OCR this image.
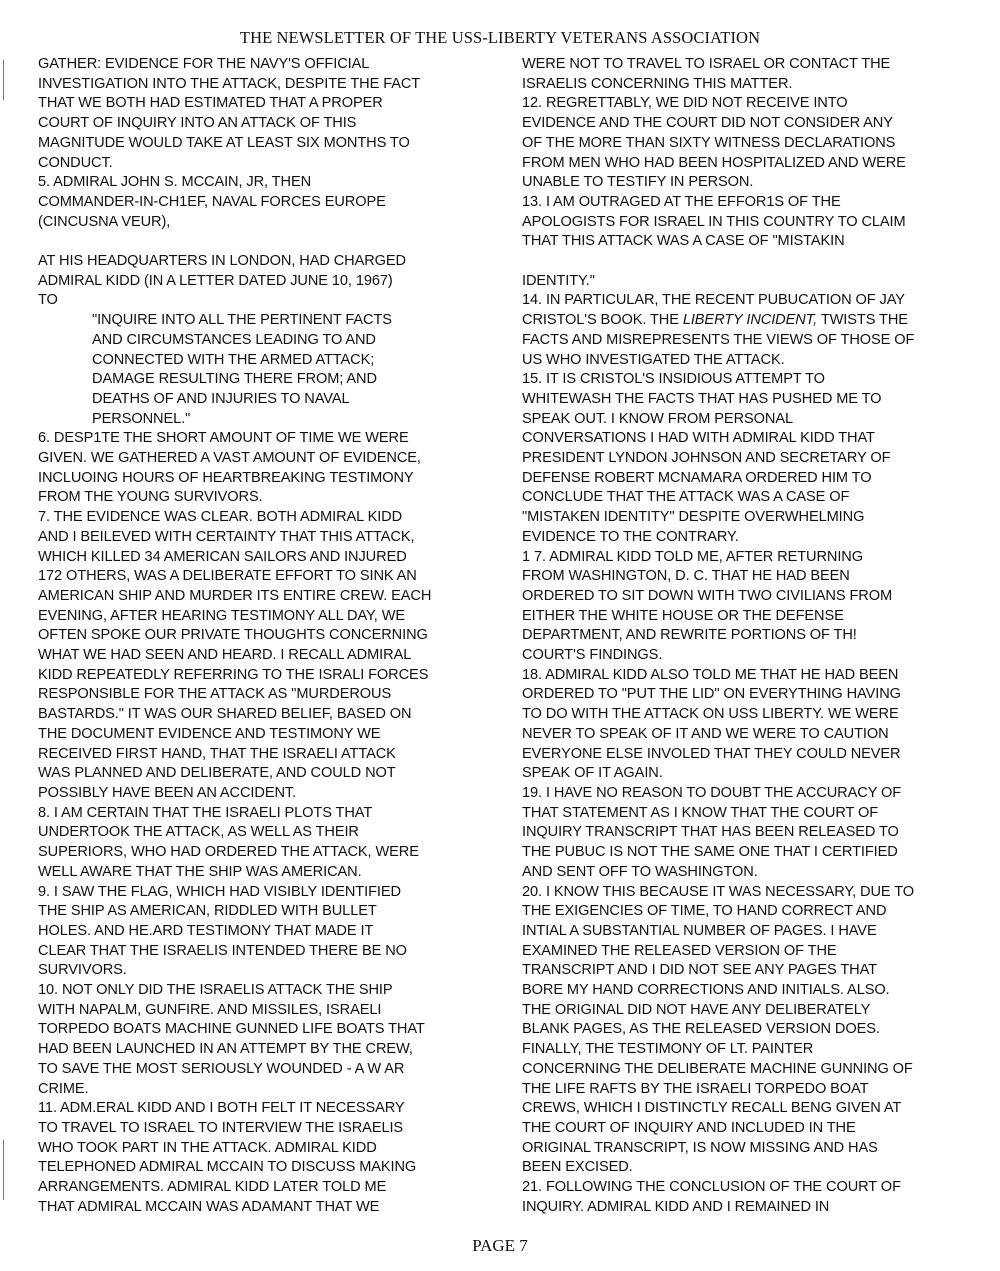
THE NEWSLETTER OF THE USS-LIBERTY VETERANS ASSOCIATION
GATHER: EVIDENCE FOR THE NAVY'S OFFICIAL
INVESTIGATION INTO THE ATTACK, DESPITE THE FACT
THAT WE BOTH HAD ESTIMATED THAT A PROPER
COURT OF INQUIRY INTO AN ATTACK OF THIS
MAGNITUDE WOULD TAKE AT LEAST SIX MONTHS TO
CONDUCT.
5. ADMIRAL JOHN S. MCCAIN, JR, THEN
COMMANDER-IN-CH1EF, NAVAL FORCES EUROPE
(CINCUSNA VEUR),
AT HIS HEADQUARTERS IN LONDON, HAD CHARGED
ADMIRAL KIDD (IN A LETTER DATED JUNE 10, 1967)
TO
"INQUIRE INTO ALL THE PERTINENT FACTS
AND CIRCUMSTANCES LEADING TO AND
CONNECTED WITH THE ARMED ATTACK;
DAMAGE RESULTING THERE FROM; AND
DEATHS OF AND INJURIES TO NAVAL
PERSONNEL."
6. DESP1TE THE SHORT AMOUNT OF TIME WE WERE
GIVEN. WE GATHERED A VAST AMOUNT OF EVIDENCE,
INCLUOING HOURS OF HEARTBREAKING TESTIMONY
FROM THE YOUNG SURVIVORS.
7. THE EVIDENCE WAS CLEAR. BOTH ADMIRAL KIDD
AND I BEILEVED WITH CERTAINTY THAT THIS ATTACK,
WHICH KILLED 34 AMERICAN SAILORS AND INJURED
172 OTHERS, WAS A DELIBERATE EFFORT TO SINK AN
AMERICAN SHIP AND MURDER ITS ENTIRE CREW. EACH
EVENING, AFTER HEARING TESTIMONY ALL DAY, WE
OFTEN SPOKE OUR PRIVATE THOUGHTS CONCERNING
WHAT WE HAD SEEN AND HEARD. I RECALL ADMIRAL
KIDD REPEATEDLY REFERRING TO THE ISRALI FORCES
RESPONSIBLE FOR THE ATTACK AS "MURDEROUS
BASTARDS." IT WAS OUR SHARED BELIEF, BASED ON
THE DOCUMENT EVIDENCE AND TESTIMONY WE
RECEIVED FIRST HAND, THAT THE ISRAELI ATTACK
WAS PLANNED AND DELIBERATE, AND COULD NOT
POSSIBLY HAVE BEEN AN ACCIDENT.
8. I AM CERTAIN THAT THE ISRAELI PLOTS THAT
UNDERTOOK THE ATTACK, AS WELL AS THEIR
SUPERIORS, WHO HAD ORDERED THE ATTACK, WERE
WELL AWARE THAT THE SHIP WAS AMERICAN.
9. I SAW THE FLAG, WHICH HAD VISIBLY IDENTIFIED
THE SHIP AS AMERICAN, RIDDLED WITH BULLET
HOLES. AND HE.ARD TESTIMONY THAT MADE IT
CLEAR THAT THE ISRAELIS INTENDED THERE BE NO
SURVIVORS.
10. NOT ONLY DID THE ISRAELIS ATTACK THE SHIP
WITH NAPALM, GUNFIRE. AND MISSILES, ISRAELI
TORPEDO BOATS MACHINE GUNNED LIFE BOATS THAT
HAD BEEN LAUNCHED IN AN ATTEMPT BY THE CREW,
TO SAVE THE MOST SERIOUSLY WOUNDED - A W AR
CRIME.
11. ADM.ERAL KIDD AND I BOTH FELT IT NECESSARY
TO TRAVEL TO ISRAEL TO INTERVIEW THE ISRAELIS
WHO TOOK PART IN THE ATTACK. ADMIRAL KIDD
TELEPHONED ADMIRAL MCCAIN TO DISCUSS MAKING
ARRANGEMENTS. ADMIRAL KIDD LATER TOLD ME
THAT ADMIRAL MCCAIN WAS ADAMANT THAT WE
WERE NOT TO TRAVEL TO ISRAEL OR CONTACT THE
ISRAELIS CONCERNING THIS MATTER.
12. REGRETTABLY, WE DID NOT RECEIVE INTO
EVIDENCE AND THE COURT DID NOT CONSIDER ANY
OF THE MORE THAN SIXTY WITNESS DECLARATIONS
FROM MEN WHO HAD BEEN HOSPITALIZED AND WERE
UNABLE TO TESTIFY IN PERSON.
13. I AM OUTRAGED AT THE EFFOR1S OF THE
APOLOGISTS FOR ISRAEL IN THIS COUNTRY TO CLAIM
THAT THIS ATTACK WAS A CASE OF "MISTAKIN
IDENTITY."
14. IN PARTICULAR, THE RECENT PUBUCATION OF JAY
CRISTOL'S BOOK. THE LIBERTY INCIDENT, TWISTS THE
FACTS AND MISREPRESENTS THE VIEWS OF THOSE OF
US WHO INVESTIGATED THE ATTACK.
15. IT IS CRISTOL'S INSIDIOUS ATTEMPT TO
WHITEWASH THE FACTS THAT HAS PUSHED ME TO
SPEAK OUT. I KNOW FROM PERSONAL
CONVERSATIONS I HAD WITH ADMIRAL KIDD THAT
PRESIDENT LYNDON JOHNSON AND SECRETARY OF
DEFENSE ROBERT MCNAMARA ORDERED HIM TO
CONCLUDE THAT THE ATTACK WAS A CASE OF
"MISTAKEN IDENTITY" DESPITE OVERWHELMING
EVIDENCE TO THE CONTRARY.
1 7. ADMIRAL KIDD TOLD ME, AFTER RETURNING
FROM WASHINGTON, D. C. THAT HE HAD BEEN
ORDERED TO SIT DOWN WITH TWO CIVILIANS FROM
EITHER THE WHITE HOUSE OR THE DEFENSE
DEPARTMENT, AND REWRITE PORTIONS OF TH!
COURT'S FINDINGS.
18. ADMIRAL KIDD ALSO TOLD ME THAT HE HAD BEEN
ORDERED TO "PUT THE LID" ON EVERYTHING HAVING
TO DO WITH THE ATTACK ON USS LIBERTY. WE WERE
NEVER TO SPEAK OF IT AND WE WERE TO CAUTION
EVERYONE ELSE INVOLED THAT THEY COULD NEVER
SPEAK OF IT AGAIN.
19. I HAVE NO REASON TO DOUBT THE ACCURACY OF
THAT STATEMENT AS I KNOW THAT THE COURT OF
INQUIRY TRANSCRIPT THAT HAS BEEN RELEASED TO
THE PUBUC IS NOT THE SAME ONE THAT I CERTIFIED
AND SENT OFF TO WASHINGTON.
20. I KNOW THIS BECAUSE IT WAS NECESSARY, DUE TO
THE EXIGENCIES OF TIME, TO HAND CORRECT AND
INTIAL A SUBSTANTIAL NUMBER OF PAGES. I HAVE
EXAMINED THE RELEASED VERSION OF THE
TRANSCRIPT AND I DID NOT SEE ANY PAGES THAT
BORE MY HAND CORRECTIONS AND INITIALS. ALSO.
THE ORIGINAL DID NOT HAVE ANY DELIBERATELY
BLANK PAGES, AS THE RELEASED VERSION DOES.
FINALLY, THE TESTIMONY OF LT. PAINTER
CONCERNING THE DELIBERATE MACHINE GUNNING OF
THE LIFE RAFTS BY THE ISRAELI TORPEDO BOAT
CREWS, WHICH I DISTINCTLY RECALL BENG GIVEN AT
THE COURT OF INQUIRY AND INCLUDED IN THE
ORIGINAL TRANSCRIPT, IS NOW MISSING AND HAS
BEEN EXCISED.
21. FOLLOWING THE CONCLUSION OF THE COURT OF
INQUIRY. ADMIRAL KIDD AND I REMAINED IN
PAGE 7
